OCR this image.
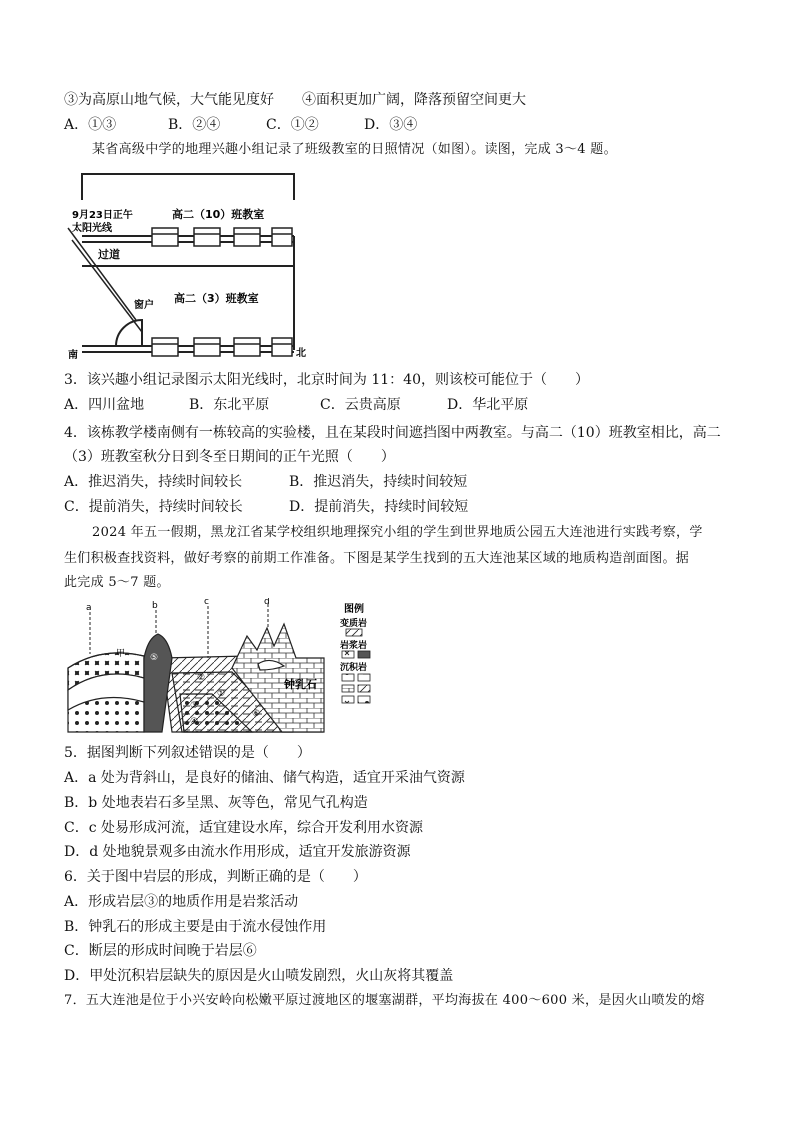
③为高原山地气候，大气能见度好　　④面积更加广阔，降落预留空间更大
A．①③	B．②④	C．①②	D．③④
某省高级中学的地理兴趣小组记录了班级教室的日照情况（如图）。读图，完成 3～4 题。
9月23日正午
太阳光线
高二（10）班教室
过道
窗户
高二（3）班教室
南	北
3．该兴趣小组记录图示太阳光线时，北京时间为 11：40，则该校可能位于（　　）
A．四川盆地	B．东北平原	C．云贵高原	D．华北平原
4．该栋教学楼南侧有一栋较高的实验楼，且在某段时间遮挡图中两教室。与高二（10）班教室相比，高二
（3）班教室秋分日到冬至日期间的正午光照（　　）
A．推迟消失，持续时间较长	B．推迟消失，持续时间较短
C．提前消失，持续时间较长	D．提前消失，持续时间较短
2024 年五一假期，黑龙江省某学校组织地理探究小组的学生到世界地质公园五大连池进行实践考察，学
生们积极查找资料，做好考察的前期工作准备。下图是某学生找到的五大连池某区域的地质构造剖面图。据
此完成 5～7 题。
a	b	c	d
甲
钟乳石
⑤
②
①
③
④
⑥
图例
变质岩
岩浆岩
沉积岩
5．据图判断下列叙述错误的是（　　）
A．a 处为背斜山，是良好的储油、储气构造，适宜开采油气资源
B．b 处地表岩石多呈黑、灰等色，常见气孔构造
C．c 处易形成河流，适宜建设水库，综合开发利用水资源
D．d 处地貌景观多由流水作用形成，适宜开发旅游资源
6．关于图中岩层的形成，判断正确的是（　　）
A．形成岩层③的地质作用是岩浆活动
B．钟乳石的形成主要是由于流水侵蚀作用
C．断层的形成时间晚于岩层⑥
D．甲处沉积岩层缺失的原因是火山喷发剧烈，火山灰将其覆盖
7．五大连池是位于小兴安岭向松嫩平原过渡地区的堰塞湖群，平均海拔在 400～600 米，是因火山喷发的熔
